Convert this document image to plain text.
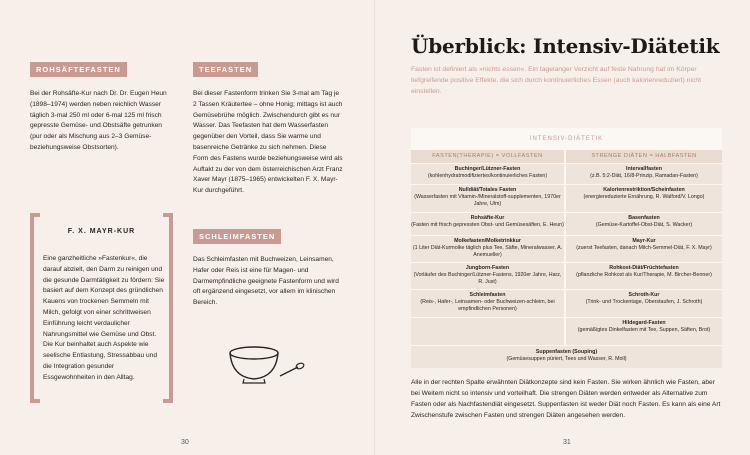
ROHSÄFTEFASTEN
Bei der Rohsäfte-Kur nach Dr. Dr. Eugen Heun (1898–1974) werden neben reichlich Wasser täglich 3-mal 250 ml oder 6-mal 125 ml frisch gepresste Gemüse- und Obstsäfte getrunken (pur oder als Mischung aus 2–3 Gemüse- beziehungsweise Obstsorten).
TEEFASTEN
Bei dieser Fastenform trinken Sie 3-mal am Tag je 2 Tassen Kräutertee – ohne Honig; mittags ist auch Gemüsebrühe möglich. Zwischendurch gibt es nur Wasser. Das Teefasten hat dem Wasserfasten gegenüber den Vorteil, dass Sie warme und basenreiche Getränke zu sich nehmen. Diese Form des Fastens wurde beziehungsweise wird als Auftakt zu der von dem österreichischen Arzt Franz Xaver Mayr (1875–1965) entwickelten F. X. Mayr-Kur durchgeführt.
F. X. MAYR-KUR
Eine ganzheitliche »Fastenkur«, die darauf abzielt, den Darm zu reinigen und die gesunde Darmtätigkeit zu fördern: Sie basiert auf dem Konzept des gründlichen Kauens von trockenen Semmeln mit Milch, gefolgt von einer schrittweisen Einführung leicht verdaulicher Nahrungsmittel wie Gemüse und Obst. Die Kur beinhaltet auch Aspekte wie seelische Entlastung, Stressabbau und die Integration gesunder Essgewohnheiten in den Alltag.
SCHLEIMFASTEN
Das Schleimfasten mit Buchweizen, Leinsamen, Hafer oder Reis ist eine für Magen- und Darmempfindliche geeignete Fastenform und wird oft ergänzend eingesetzt, vor allem im klinischen Bereich.
30
Überblick: Intensiv-Diätetik
Fasten ist definiert als »nichts essen«. Ein tagelanger Verzicht auf feste Nahrung hat im Körper tiefgreifende positive Effekte, die sich durch kontinuierliches Essen (auch kalorienreduziert) nicht einstellen.
INTENSIV-DIÄTETIK
FASTEN(THERAPIE) = VOLLFASTEN	STRENGE DIÄTEN = HALBFASTEN
Buchinger/Lützner-Fasten
(kohlenhydratmodifiziertes/kontinuierliches Fasten)
Intervallfasten
(z.B. 5:2-Diät, 16/8-Prinzip, Ramadan-Fasten)
Nulldiät/Totales Fasten
(Wasserfasten mit Vitamin-/Mineralstoff-supplementen, 1970er Jahre, Ulm)
Kalorienrestriktion/Scheinfasten
(energiereduzierte Ernährung, R. Walford/V. Longo)
Rohsäfte-Kur
(Fasten mit frisch gepressten Obst- und Gemüsesäften, E. Heun)
Basenfasten
(Gemüse-Kartoffel-Obst-Diät, S. Wacker)
Molkefasten/Molketrinkkur
(1 Liter Diät-Kurmolke täglich plus Tee, Säfte, Mineralwasser, A. Anemueller)
Mayr-Kur
(zuerst Teefasten, danach Milch-Semmel-Diät, F. X. Mayr)
Jungborn-Fasten
(Vorläufer des Buchinger/Lützner-Fastens, 1920er Jahre, Harz, R. Just)
Rohkost-Diät/Früchtefasten
(pflanzliche Rohkost als Kur/Therapie, M. Bircher-Benner)
Schleimfasten
(Reis-, Hafer-, Leinsamen- oder Buchweizen-schleim, bei empfindlichen Personen)
Schroth-Kur
(Trink- und Trockentage, Oberstaufen, J. Schroth)

Hildegard-Fasten
(gemäßigtes Dinkelfasten mit Tee, Suppen, Säften, Brot)
Suppenfasten (Souping)
(Gemüsesuppen püriert, Tees und Wasser, R. Moll)
Alle in der rechten Spalte erwähnten Diätkonzepte sind kein Fasten. Sie wirken ähnlich wie Fasten, aber bei Weitem nicht so intensiv und vorteilhaft. Die strengen Diäten werden entweder als Alternative zum Fasten oder als Nachfastendiät eingesetzt. Suppenfasten ist weder Diät noch Fasten. Es kann als eine Art Zwischenstufe zwischen Fasten und strengen Diäten angesehen werden.
31
